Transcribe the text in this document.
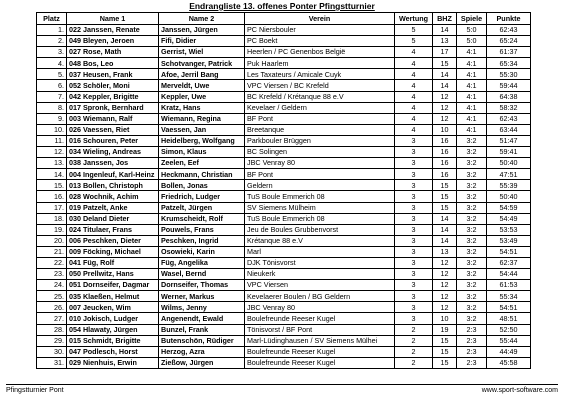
Endrangliste 13. offenes Ponter Pfingstturnier
Platz	Name 1	Name 2	Verein	Wertung	BHZ	Spiele	Punkte
1.	022 Janssen, Renate	Janssen, Jürgen	PC Niersbouler	5	14	5:0	62:43
2.	049 Bleyen, Jeroen	Fifi, Didier	PC Boekt	5	13	5:0	65:24
3.	027 Rose, Math	Gerrist, Wiel	Heerlen / PC Genenbos België	4	17	4:1	61:37
4.	048 Bos, Leo	Schotvanger, Patrick	Puk Haarlem	4	15	4:1	65:34
5.	037 Heusen, Frank	Afoe, Jerril Bang	Les Taxateurs / Amicale Cuyk	4	14	4:1	55:30
6.	052 Schöler, Moni	Merveldt, Uwe	VPC Viersen / BC Krefeld	4	14	4:1	59:44
7.	042 Keppler, Brigitte	Keppler, Uwe	BC Krefeld / Krétanque 88 e.V	4	12	4:1	64:38
8.	017 Spronk, Bernhard	Kratz, Hans	Kevelaer / Geldern	4	12	4:1	58:32
9.	003 Wiemann, Ralf	Wiemann, Regina	BF Pont	4	12	4:1	62:43
10.	026 Vaessen, Riet	Vaessen, Jan	Breetanque	4	10	4:1	63:44
11.	016 Schouren, Peter	Heidelberg, Wolfgang	Parkbouler Brüggen	3	16	3:2	51:47
12.	034 Wieling, Andreas	Simon, Klaus	BC Solingen	3	16	3:2	59:41
13.	038 Janssen, Jos	Zeelen, Eef	JBC Venray 80	3	16	3:2	50:40
14.	004 Ingenleuf, Karl-Heinz	Heckmann, Christian	BF Pont	3	16	3:2	47:51
15.	013 Bollen, Christoph	Bollen, Jonas	Geldern	3	15	3:2	55:39
16.	028 Wochnik, Achim	Friedrich, Ludger	TuS Boule Emmerich 08	3	15	3:2	50:40
17.	019 Patzelt, Anke	Patzelt, Jürgen	SV Siemens Mülheim	3	15	3:2	54:59
18.	030 Deland Dieter	Krumscheidt, Rolf	TuS Boule Emmerich 08	3	14	3:2	54:49
19.	024 Titulaer, Frans	Pouwels, Frans	Jeu de Boules Grubbenvorst	3	14	3:2	53:53
20.	006 Peschken, Dieter	Peschken, Ingrid	Krétanque 88 e.V	3	14	3:2	53:49
21.	009 Föcking, Michael	Osowieki, Karin	Marl	3	13	3:2	54:51
22.	041 Füg, Rolf	Füg, Angelika	DJK Tönisvorst	3	12	3:2	62:37
23.	050 Prellwitz, Hans	Wasel, Bernd	Nieukerk	3	12	3:2	54:44
24.	051 Dornseifer, Dagmar	Dornseifer, Thomas	VPC Viersen	3	12	3:2	61:53
25.	035 Klaeßen, Helmut	Werner, Markus	Kevelaerer Boulen / BG Geldern	3	12	3:2	55:34
26.	007 Jeucken, Wim	Wilms, Jenny	JBC Venray 80	3	12	3:2	54:51
27.	010 Jokisch, Ludger	Angenendt, Ewald	Boulefreunde Reeser Kugel	3	10	3:2	48:51
28.	054 Hlawaty, Jürgen	Bunzel, Frank	Tönisvorst / BF Pont	2	19	2:3	52:50
29.	015 Schmidt, Brigitte	Butenschön, Rüdiger	Marl-Lüdinghausen / SV Siemens Mülhei	2	15	2:3	55:44
30.	047 Podlesch, Horst	Herzog, Azra	Boulefreunde Reeser Kugel	2	15	2:3	44:49
31.	029 Nienhuis, Erwin	Zießow, Jürgen	Boulefreunde Reeser Kugel	2	15	2:3	45:58
Pfingstturnier Pont	www.sport-software.com
